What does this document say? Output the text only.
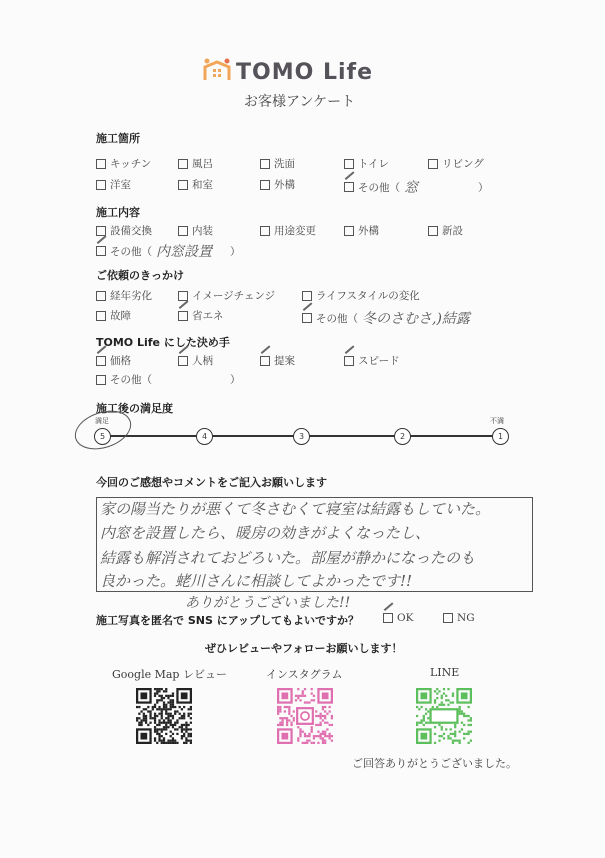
TOMO Life
お客様アンケート
施工箇所
キッチン	風呂	洗面	トイレ	リビング
洋室	和室	外構	その他（ 窓	）
施工内容
設備交換	内装	用途変更	外構	新設
その他（ 内窓設置	）
ご依頼のきっかけ
経年劣化	イメージチェンジ	ライフスタイルの変化
故障	省エネ	その他（ 冬のさむさ,)結露
TOMO Life にした決め手
価格	人柄	提案	スピード
その他（	）
施工後の満足度
満足	不満
5	4	3	2	1
今回のご感想やコメントをご記入お願いします
家の陽当たりが悪くて冬さむくて寝室は結露もしていた。
内窓を設置したら、暖房の効きがよくなったし、
結露も解消されておどろいた。部屋が静かになったのも
良かった。蛯川さんに相談してよかったです!!
ありがとうございました!!
施工写真を匿名で SNS にアップしてもよいですか？	OK	NG
ぜひレビューやフォローお願いします！
Google Map レビュー	インスタグラム	LINE
ご回答ありがとうございました。
